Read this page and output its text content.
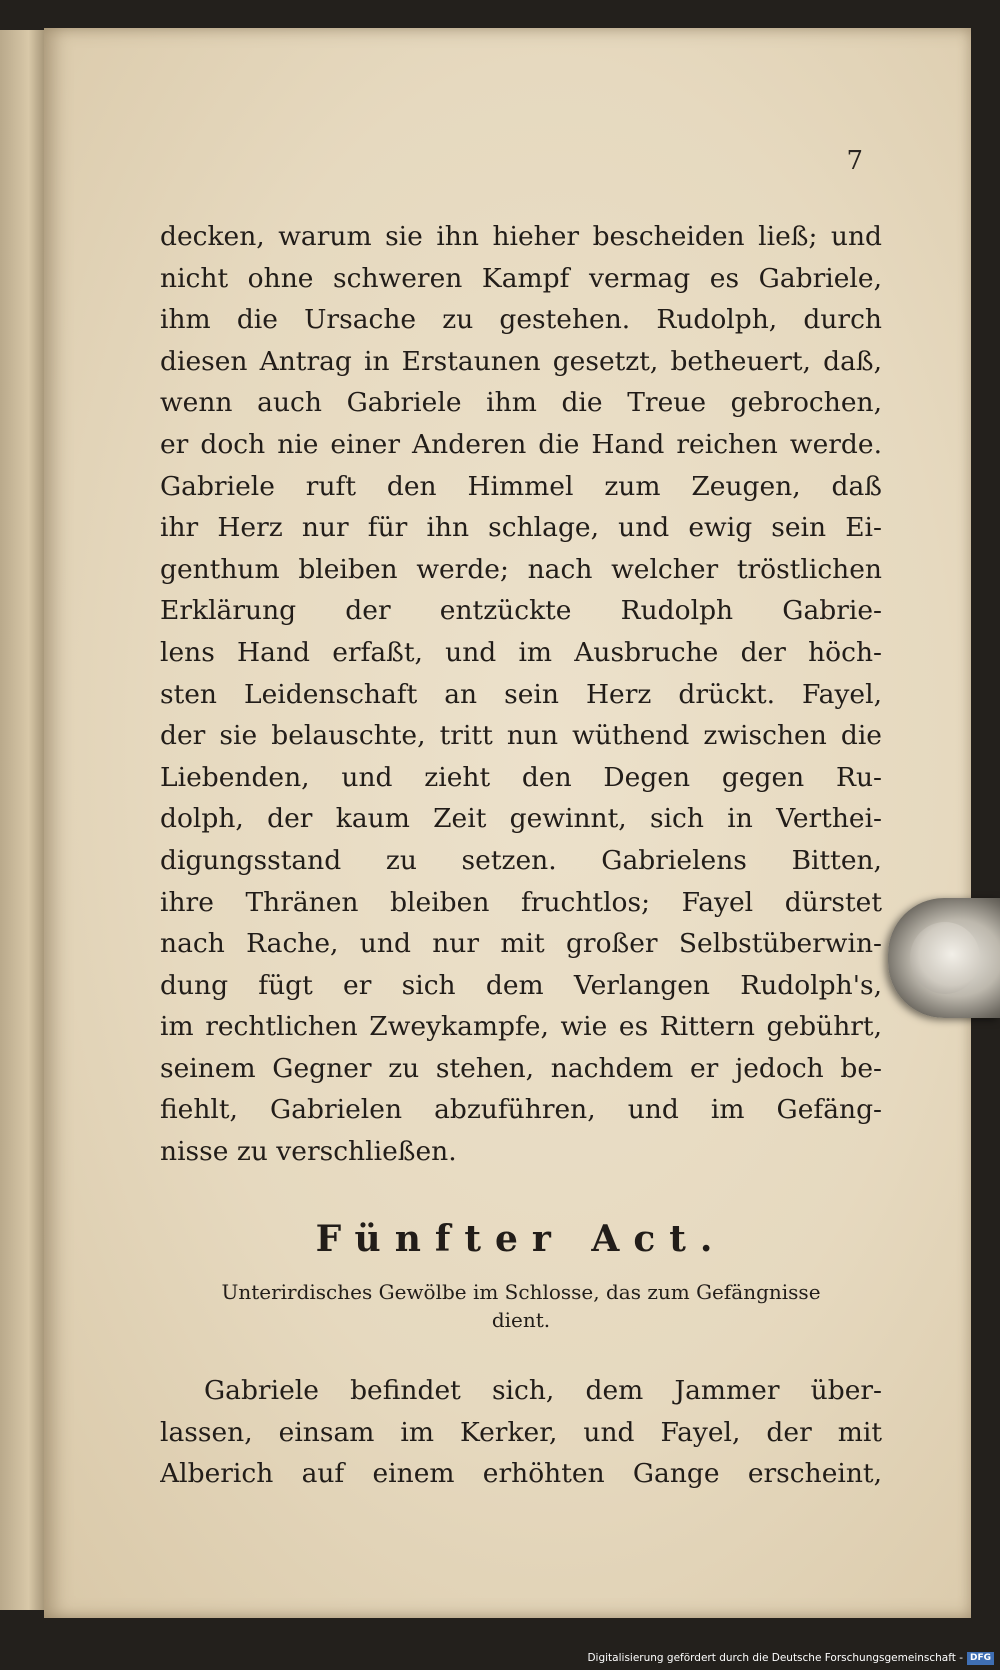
7

decken, warum sie ihn hieher bescheiden ließ; und
nicht ohne schweren Kampf vermag es Gabriele,
ihm die Ursache zu gestehen. Rudolph, durch
diesen Antrag in Erstaunen gesetzt, betheuert, daß,
wenn auch Gabriele ihm die Treue gebrochen,
er doch nie einer Anderen die Hand reichen werde.
Gabriele ruft den Himmel zum Zeugen, daß
ihr Herz nur für ihn schlage, und ewig sein Ei-
genthum bleiben werde; nach welcher tröstlichen
Erklärung der entzückte Rudolph Gabrie-
lens Hand erfaßt, und im Ausbruche der höch-
sten Leidenschaft an sein Herz drückt. Fayel,
der sie belauschte, tritt nun wüthend zwischen die
Liebenden, und zieht den Degen gegen Ru-
dolph, der kaum Zeit gewinnt, sich in Verthei-
digungsstand zu setzen. Gabrielens Bitten,
ihre Thränen bleiben fruchtlos; Fayel dürstet
nach Rache, und nur mit großer Selbstüberwin-
dung fügt er sich dem Verlangen Rudolph's,
im rechtlichen Zweykampfe, wie es Rittern gebührt,
seinem Gegner zu stehen, nachdem er jedoch be-
fiehlt, Gabrielen abzuführen, und im Gefäng-
nisse zu verschließen.

Fünfter Act.

Unterirdisches Gewölbe im Schlosse, das zum Gefängnisse
dient.
Gabriele befindet sich, dem Jammer über-
lassen, einsam im Kerker, und Fayel, der mit
Alberich auf einem erhöhten Gange erscheint,

Digitalisierung gefördert durch die Deutsche Forschungsgemeinschaft - DFG
